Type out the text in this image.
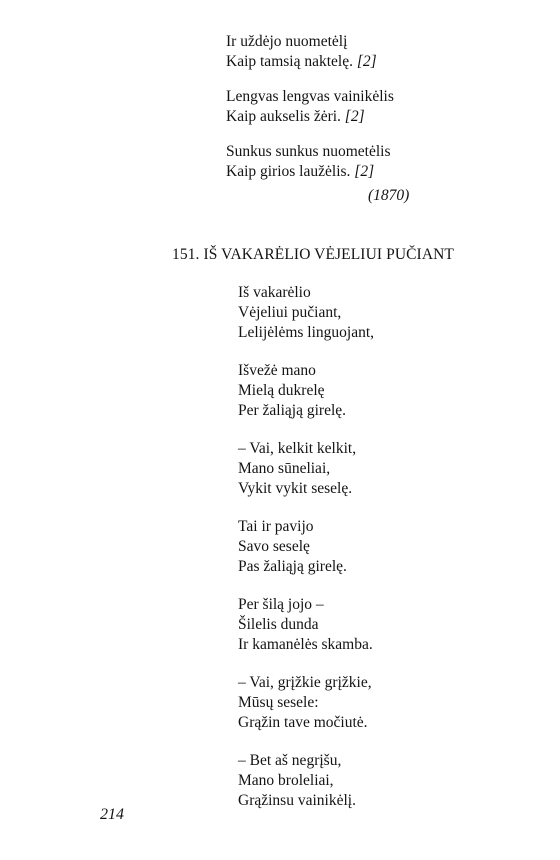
Ir uždėjo nuometėlį
Kaip tamsią naktelę. [2]
Lengvas lengvas vainikėlis
Kaip aukselis žėri. [2]
Sunkus sunkus nuometėlis
Kaip girios laužėlis. [2]
(1870)
151. IŠ VAKARĖLIO VĖJELIUI PUČIANT
Iš vakarėlio
Vėjeliui pučiant,
Lelijėlėms linguojant,
Išvežė mano
Mielą dukrelę
Per žaliąją girelę.
– Vai, kelkit kelkit,
Mano sūneliai,
Vykit vykit seselę.
Tai ir pavijo
Savo seselę
Pas žaliąją girelę.
Per šilą jojo –
Šilelis dunda
Ir kamanėlės skamba.
– Vai, grįžkie grįžkie,
Mūsų sesele:
Grąžin tave močiutė.
– Bet aš negrįšu,
Mano broleliai,
Grąžinsu vainikėlį.
214
